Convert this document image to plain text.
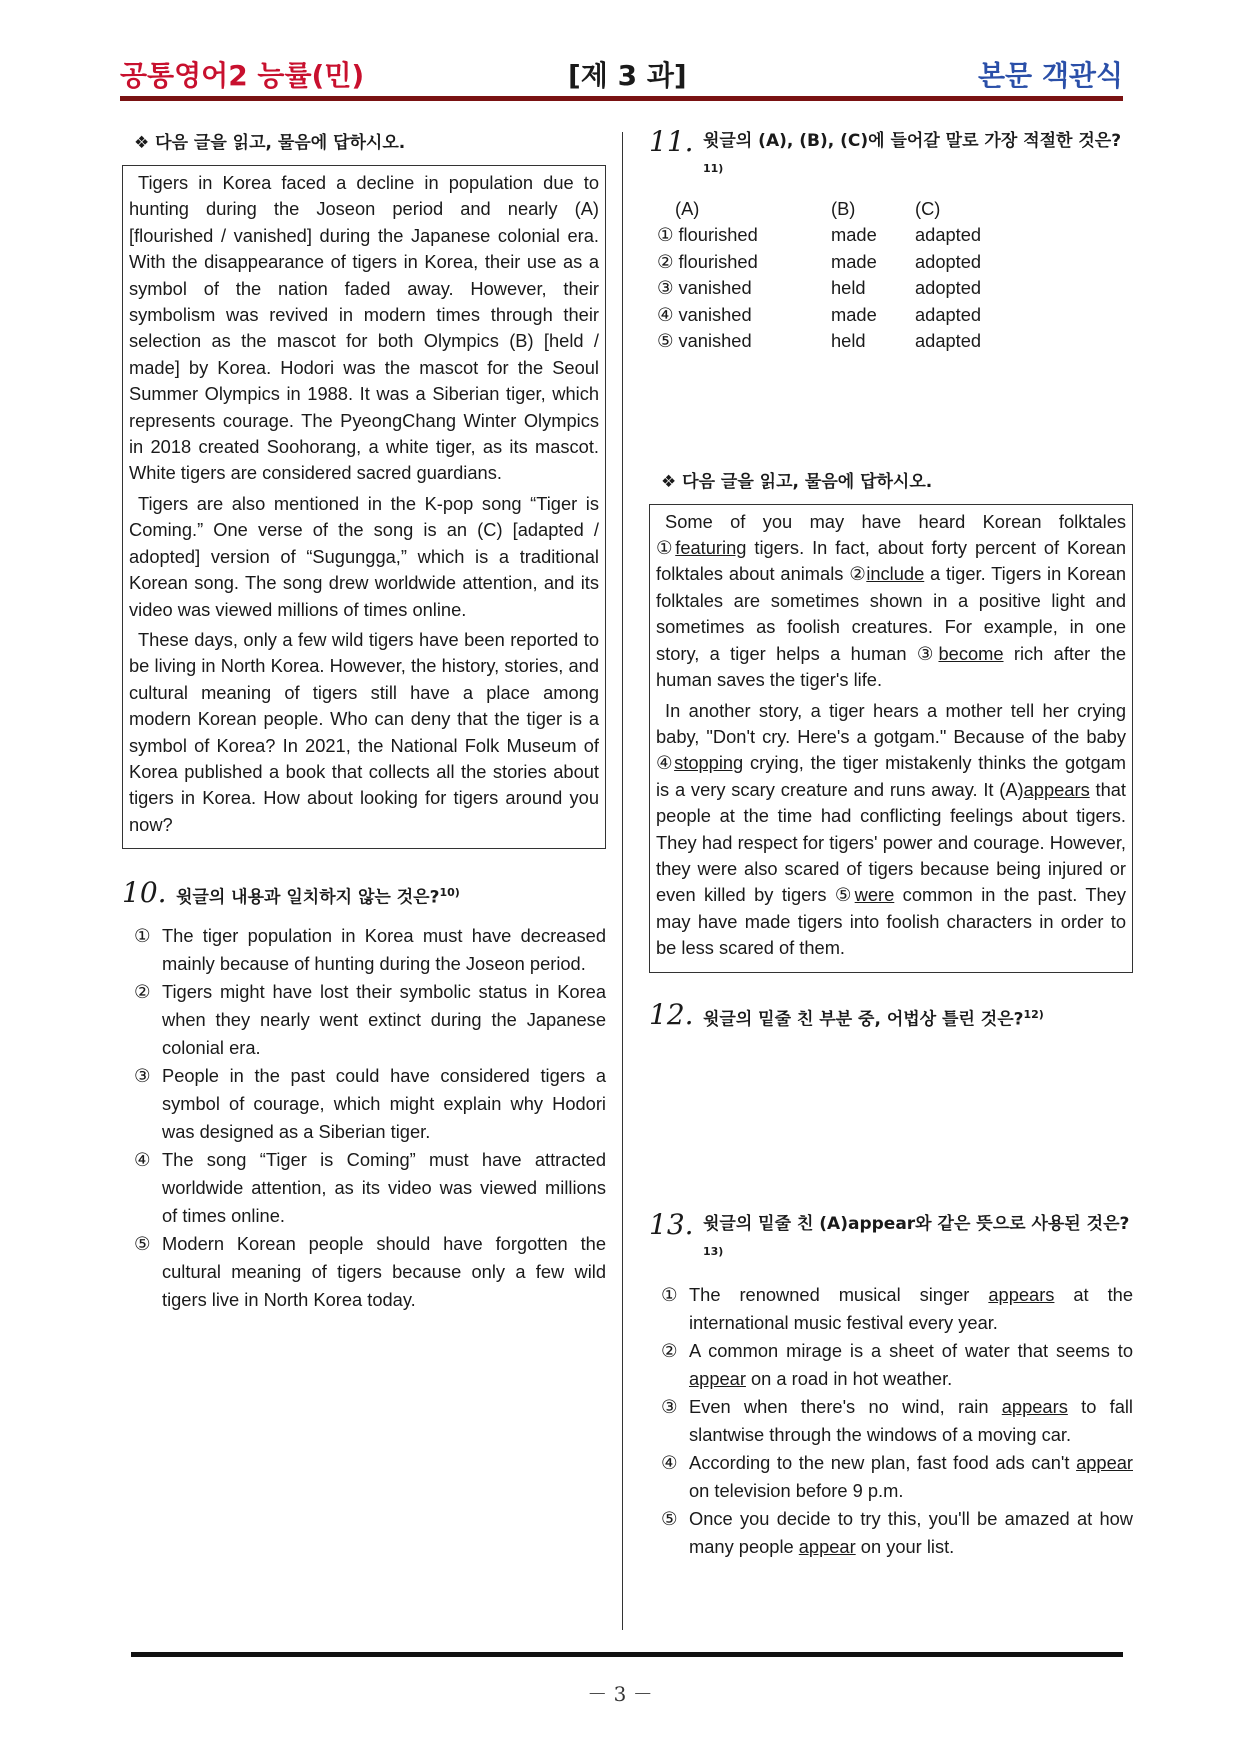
공통영어2 능률(민)	[제 3 과]	본문 객관식
❖ 다음 글을 읽고, 물음에 답하시오.

Tigers in Korea faced a decline in population due to hunting during the Joseon period and nearly (A) [flourished / vanished] during the Japanese colonial era. With the disappearance of tigers in Korea, their use as a symbol of the nation faded away. However, their symbolism was revived in modern times through their selection as the mascot for both Olympics (B) [held / made] by Korea. Hodori was the mascot for the Seoul Summer Olympics in 1988. It was a Siberian tiger, which represents courage. The PyeongChang Winter Olympics in 2018 created Soohorang, a white tiger, as its mascot. White tigers are considered sacred guardians.

Tigers are also mentioned in the K-pop song “Tiger is Coming.” One verse of the song is an (C) [adapted / adopted] version of “Sugungga,” which is a traditional Korean song. The song drew worldwide attention, and its video was viewed millions of times online.

These days, only a few wild tigers have been reported to be living in North Korea. However, the history, stories, and cultural meaning of tigers still have a place among modern Korean people. Who can deny that the tiger is a symbol of Korea? In 2021, the National Folk Museum of Korea published a book that collects all the stories about tigers in Korea. How about looking for tigers around you now?

10. 윗글의 내용과 일치하지 않는 것은?$^{10)}$
① The tiger population in Korea must have decreased mainly because of hunting during the Joseon period.
② Tigers might have lost their symbolic status in Korea when they nearly went extinct during the Japanese colonial era.
③ People in the past could have considered tigers a symbol of courage, which might explain why Hodori was designed as a Siberian tiger.
④ The song “Tiger is Coming” must have attracted worldwide attention, as its video was viewed millions of times online.
⑤ Modern Korean people should have forgotten the cultural meaning of tigers because only a few wild tigers live in North Korea today.
11. 윗글의 (A), (B), (C)에 들어갈 말로 가장 적절한 것은?$^{11)}$
(A)	(B)	(C)
① flourished	made	adapted
② flourished	made	adopted
③ vanished	held	adopted
④ vanished	made	adapted
⑤ vanished	held	adapted
❖ 다음 글을 읽고, 물음에 답하시오.

Some of you may have heard Korean folktales ①featuring tigers. In fact, about forty percent of Korean folktales about animals ②include a tiger. Tigers in Korean folktales are sometimes shown in a positive light and sometimes as foolish creatures. For example, in one story, a tiger helps a human ③become rich after the human saves the tiger's life.

In another story, a tiger hears a mother tell her crying baby, "Don't cry. Here's a gotgam." Because of the baby ④stopping crying, the tiger mistakenly thinks the gotgam is a very scary creature and runs away. It (A)appears that people at the time had conflicting feelings about tigers. They had respect for tigers' power and courage. However, they were also scared of tigers because being injured or even killed by tigers ⑤were common in the past. They may have made tigers into foolish characters in order to be less scared of them.

12. 윗글의 밑줄 친 부분 중, 어법상 틀린 것은?$^{12)}$
13. 윗글의 밑줄 친 (A)appear와 같은 뜻으로 사용된 것은?$^{13)}$
① The renowned musical singer appears at the international music festival every year.
② A common mirage is a sheet of water that seems to appear on a road in hot weather.
③ Even when there's no wind, rain appears to fall slantwise through the windows of a moving car.
④ According to the new plan, fast food ads can't appear on television before 9 p.m.
⑤ Once you decide to try this, you'll be amazed at how many people appear on your list.
－ 3 －
